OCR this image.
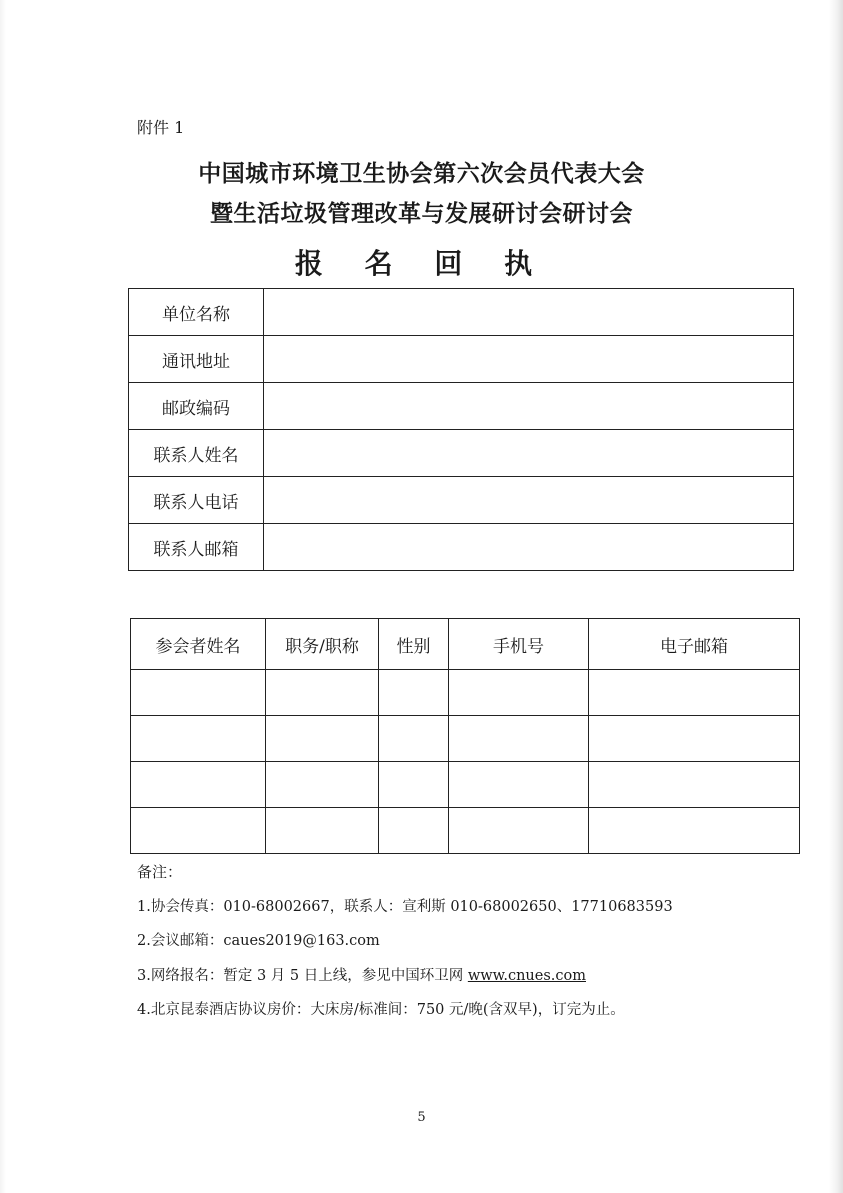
附件 1
中国城市环境卫生协会第六次会员代表大会
暨生活垃圾管理改革与发展研讨会研讨会
报 名 回 执
单位名称	
通讯地址	
邮政编码	
联系人姓名	
联系人电话	
联系人邮箱	
参会者姓名	职务/职称	性别	手机号	电子邮箱

备注：
1.协会传真：010-68002667，联系人：宣利斯 010-68002650、17710683593
2.会议邮箱：caues2019@163.com
3.网络报名：暂定 3 月 5 日上线，参见中国环卫网 www.cnues.com
4.北京昆泰酒店协议房价：大床房/标准间：750 元/晚(含双早)，订完为止。
5
